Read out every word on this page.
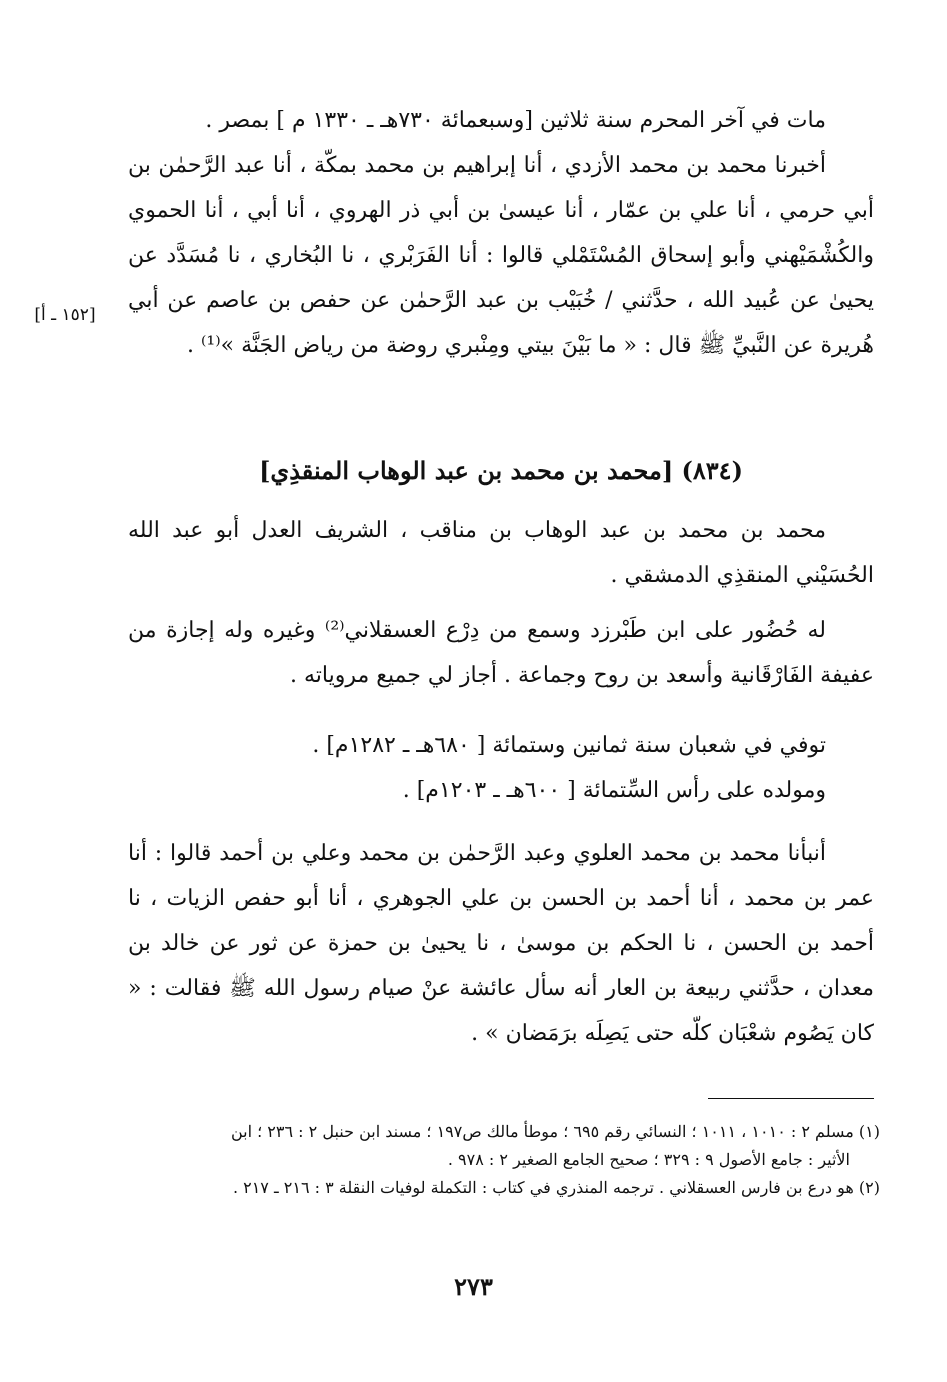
مات في آخر المحرم سنة ثلاثين [وسبعمائة ٧٣٠هـ ـ ١٣٣٠ م ] بمصر .

أخبرنا محمد بن محمد الأزدي ، أنا إبراهيم بن محمد بمكّة ، أنا عبد الرَّحمٰن بن أبي حرمي ، أنا علي بن عمّار ، أنا عيسىٰ بن أبي ذر الهروي ، أنا أبي ، أنا الحموي والكُشْمَيْهني وأبو إسحاق المُسْتَمْلي قالوا : أنا الفَرَبْري ، نا البُخاري ، نا مُسَدَّد عن يحيىٰ عن عُبيد الله ، حدَّثني / خُبَيْب بن عبد الرَّحمٰن عن حفص بن عاصم عن أبي هُريرة عن النَّبيِّ ﷺ قال : « ما بَيْنَ بيتي ومِنْبري روضة من رياض الجَنَّة »⁽¹⁾ .

[١٥٢ ـ أ]
(٨٣٤) [محمد بن محمد بن عبد الوهاب المنقذِي]

محمد بن محمد بن عبد الوهاب بن مناقب ، الشريف العدل أبو عبد الله الحُسَيْني المنقذِي الدمشقي .

له حُضُور على ابن طَبْرزد وسمع من دِرْع العسقلاني⁽²⁾ وغيره وله إجازة من عفيفة الفَارْقَانية وأسعد بن روح وجماعة . أجاز لي جميع مروياته .

توفي في شعبان سنة ثمانين وستمائة [ ٦٨٠هـ ـ ١٢٨٢م] .

ومولده على رأس السِّتمائة [ ٦٠٠هـ ـ ١٢٠٣م] .

أنبأنا محمد بن محمد العلوي وعبد الرَّحمٰن بن محمد وعلي بن أحمد قالوا : أنا عمر بن محمد ، أنا أحمد بن الحسن بن علي الجوهري ، أنا أبو حفص الزيات ، نا أحمد بن الحسن ، نا الحكم بن موسىٰ ، نا يحيىٰ بن حمزة عن ثور عن خالد بن معدان ، حدَّثني ربيعة بن العار أنه سأل عائشة عنْ صيام رسول الله ﷺ فقالت : « كان يَصُوم شعْبَان كلّه حتى يَصِلَه برَمَضان » .

(١) مسلم ٢ : ١٠١٠ ، ١٠١١ ؛ النسائي رقم ٦٩٥ ؛ موطأ مالك ص١٩٧ ؛ مسند ابن حنبل ٢ : ٢٣٦ ؛ ابن

الأثير : جامع الأصول ٩ : ٣٢٩ ؛ صحيح الجامع الصغير ٢ : ٩٧٨ .

(٢) هو درع بن فارس العسقلاني . ترجمه المنذري في كتاب : التكملة لوفيات النقلة ٣ : ٢١٦ ـ ٢١٧ .

٢٧٣
